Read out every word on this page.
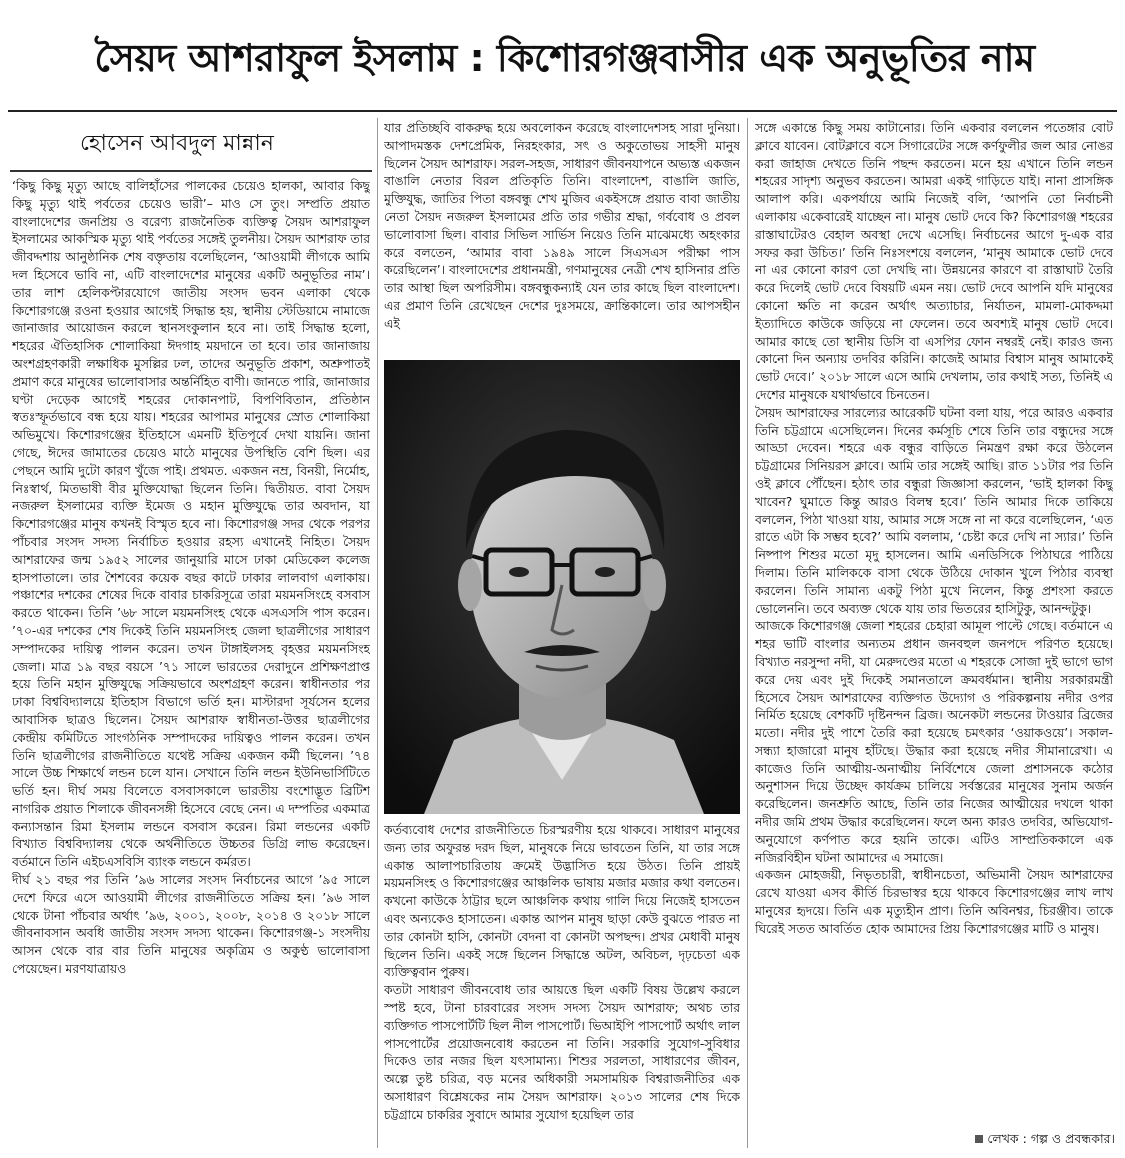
সৈয়দ আশরাফুল ইসলাম : কিশোরগঞ্জবাসীর এক অনুভূতির নাম
হোসেন আবদুল মান্নান

‘কিছু কিছু মৃত্যু আছে বালিহাঁসের পালকের চেয়েও হালকা, আবার কিছু কিছু মৃত্যু থাই পর্বতের চেয়েও ভারী’– মাও সে তুং। সম্প্রতি প্রয়াত বাংলাদেশের জনপ্রিয় ও বরেণ্য রাজনৈতিক ব্যক্তিত্ব সৈয়দ আশরাফুল ইসলামের আকস্মিক মৃত্যু থাই পর্বতের সঙ্গেই তুলনীয়। সৈয়দ আশরাফ তার জীবদ্দশায় আনুষ্ঠানিক শেষ বক্তৃতায় বলেছিলেন, ‘আওয়ামী লীগকে আমি দল হিসেবে ভাবি না, এটি বাংলাদেশের মানুষের একটি অনুভূতির নাম’। তার লাশ হেলিকপ্টারযোগে জাতীয় সংসদ ভবন এলাকা থেকে কিশোরগঞ্জে রওনা হওয়ার আগেই সিদ্ধান্ত হয়, স্থানীয় স্টেডিয়ামে নামাজে জানাজার আয়োজন করলে স্থানসংকুলান হবে না। তাই সিদ্ধান্ত হলো, শহরের ঐতিহাসিক শোলাকিয়া ঈদগাহ ময়দানে তা হবে। তার জানাজায় অংশগ্রহণকারী লক্ষাধিক মুসল্লির ঢল, তাদের অনুভূতি প্রকাশ, অশ্রুপাতই প্রমাণ করে মানুষের ভালোবাসার অন্তর্নিহিত বাণী। জানতে পারি, জানাজার ঘণ্টা দেড়েক আগেই শহরের দোকানপাট, বিপণিবিতান, প্রতিষ্ঠান স্বতঃস্ফূর্তভাবে বন্ধ হয়ে যায়। শহরের আপামর মানুষের স্রোত শোলাকিয়া অভিমুখে। কিশোরগঞ্জের ইতিহাসে এমনটি ইতিপূর্বে দেখা যায়নি। জানা গেছে, ঈদের জামাতের চেয়েও মাঠে মানুষের উপস্থিতি বেশি ছিল। এর পেছনে আমি দুটো কারণ খুঁজে পাই। প্রথমত. একজন নম্র, বিনয়ী, নির্মোহ, নিঃস্বার্থ, মিতভাষী বীর মুক্তিযোদ্ধা ছিলেন তিনি। দ্বিতীয়ত. বাবা সৈয়দ নজরুল ইসলামের ব্যক্তি ইমেজ ও মহান মুক্তিযুদ্ধে তার অবদান, যা কিশোরগঞ্জের মানুষ কখনই বিস্মৃত হবে না। কিশোরগঞ্জ সদর থেকে পরপর পাঁচবার সংসদ সদস্য নির্বাচিত হওয়ার রহস্য এখানেই নিহিত। সৈয়দ আশরাফের জন্ম ১৯৫২ সালের জানুয়ারি মাসে ঢাকা মেডিকেল কলেজ হাসপাতালে। তার শৈশবের কয়েক বছর কাটে ঢাকার লালবাগ এলাকায়। পঞ্চাশের দশকের শেষের দিকে বাবার চাকরিসূত্রে তারা ময়মনসিংহে বসবাস করতে থাকেন। তিনি ’৬৮ সালে ময়মনসিংহ থেকে এসএসসি পাস করেন। ’৭০-এর দশকের শেষ দিকেই তিনি ময়মনসিংহ জেলা ছাত্রলীগের সাধারণ সম্পাদকের দায়িত্ব পালন করেন। তখন টাঙ্গাইলসহ বৃহত্তর ময়মনসিংহ জেলা। মাত্র ১৯ বছর বয়সে ’৭১ সালে ভারতের দেরাদুনে প্রশিক্ষণপ্রাপ্ত হয়ে তিনি মহান মুক্তিযুদ্ধে সক্রিয়ভাবে অংশগ্রহণ করেন। স্বাধীনতার পর ঢাকা বিশ্ববিদ্যালয়ে ইতিহাস বিভাগে ভর্তি হন। মাস্টারদা সূর্যসেন হলের আবাসিক ছাত্রও ছিলেন। সৈয়দ আশরাফ স্বাধীনতা-উত্তর ছাত্রলীগের কেন্দ্রীয় কমিটিতে সাংগঠনিক সম্পাদকের দায়িত্বও পালন করেন। তখন তিনি ছাত্রলীগের রাজনীতিতে যথেষ্ট সক্রিয় একজন কর্মী ছিলেন। ’৭৪ সালে উচ্চ শিক্ষার্থে লন্ডন চলে যান। সেখানে তিনি লন্ডন ইউনিভার্সিটিতে ভর্তি হন। দীর্ঘ সময় বিলেতে বসবাসকালে ভারতীয় বংশোদ্ভূত ব্রিটিশ নাগরিক প্রয়াত শিলাকে জীবনসঙ্গী হিসেবে বেছে নেন। এ দম্পতির একমাত্র কন্যাসন্তান রিমা ইসলাম লন্ডনে বসবাস করেন। রিমা লন্ডনের একটি বিখ্যাত বিশ্ববিদ্যালয় থেকে অর্থনীতিতে উচ্চতর ডিগ্রি লাভ করেছেন। বর্তমানে তিনি এইচএসবিসি ব্যাংক লন্ডনে কর্মরত।

দীর্ঘ ২১ বছর পর তিনি ’৯৬ সালের সংসদ নির্বাচনের আগে ’৯৫ সালে দেশে ফিরে এসে আওয়ামী লীগের রাজনীতিতে সক্রিয় হন। ’৯৬ সাল থেকে টানা পাঁচবার অর্থাৎ ’৯৬, ২০০১, ২০০৮, ২০১৪ ও ২০১৮ সালে জীবনাবসান অবধি জাতীয় সংসদ সদস্য থাকেন। কিশোরগঞ্জ-১ সংসদীয় আসন থেকে বার বার তিনি মানুষের অকৃত্রিম ও অকুণ্ঠ ভালোবাসা পেয়েছেন। মরণযাত্রায়ও

যার প্রতিচ্ছবি বাকরুদ্ধ হয়ে অবলোকন করেছে বাংলাদেশসহ সারা দুনিয়া। আপাদমস্তক দেশপ্রেমিক, নিরহংকার, সৎ ও অকুতোভয় সাহসী মানুষ ছিলেন সৈয়দ আশরাফ। সরল-সহজ, সাধারণ জীবনযাপনে অভ্যস্ত একজন বাঙালি নেতার বিরল প্রতিকৃতি তিনি। বাংলাদেশ, বাঙালি জাতি, মুক্তিযুদ্ধ, জাতির পিতা বঙ্গবন্ধু শেখ মুজিব একইসঙ্গে প্রয়াত বাবা জাতীয় নেতা সৈয়দ নজরুল ইসলামের প্রতি তার গভীর শ্রদ্ধা, গর্ববোধ ও প্রবল ভালোবাসা ছিল। বাবার সিভিল সার্ভিস নিয়েও তিনি মাঝেমধ্যে অহংকার করে বলতেন, ‘আমার বাবা ১৯৪৯ সালে সিএসএস পরীক্ষা পাস করেছিলেন’। বাংলাদেশের প্রধানমন্ত্রী, গণমানুষের নেত্রী শেখ হাসিনার প্রতি তার আস্থা ছিল অপরিসীম। বঙ্গবন্ধুকন্যাই যেন তার কাছে ছিল বাংলাদেশ। এর প্রমাণ তিনি রেখেছেন দেশের দুঃসময়ে, ক্রান্তিকালে। তার আপসহীন এই

কর্তব্যবোধ দেশের রাজনীতিতে চিরস্মরণীয় হয়ে থাকবে। সাধারণ মানুষের জন্য তার অফুরন্ত দরদ ছিল, মানুষকে নিয়ে ভাবতেন তিনি, যা তার সঙ্গে একান্ত আলাপচারিতায় ক্রমেই উদ্ভাসিত হয়ে উঠত। তিনি প্রায়ই ময়মনসিংহ ও কিশোরগঞ্জের আঞ্চলিক ভাষায় মজার মজার কথা বলতেন। কখনো কাউকে ঠাট্টার ছলে আঞ্চলিক কথায় গালি দিয়ে নিজেই হাসতেন এবং অন্যকেও হাসাতেন। একান্ত আপন মানুষ ছাড়া কেউ বুঝতে পারত না তার কোনটা হাসি, কোনটা বেদনা বা কোনটা অপছন্দ। প্রখর মেধাবী মানুষ ছিলেন তিনি। একই সঙ্গে ছিলেন সিদ্ধান্তে অটল, অবিচল, দৃঢ়চেতা এক ব্যক্তিত্ববান পুরুষ।

কতটা সাধারণ জীবনবোধ তার আয়ত্তে ছিল একটি বিষয় উল্লেখ করলে স্পষ্ট হবে, টানা চারবারের সংসদ সদস্য সৈয়দ আশরাফ; অথচ তার ব্যক্তিগত পাসপোর্টটি ছিল নীল পাসপোর্ট। ভিআইপি পাসপোর্ট অর্থাৎ লাল পাসপোর্টের প্রয়োজনবোধ করতেন না তিনি। সরকারি সুযোগ-সুবিধার দিকেও তার নজর ছিল যৎসামান্য। শিশুর সরলতা, সাধারণের জীবন, অল্পে তুষ্ট চরিত্র, বড় মনের অধিকারী সমসাময়িক বিশ্বরাজনীতির এক অসাধারণ বিশ্লেষকের নাম সৈয়দ আশরাফ। ২০১৩ সালের শেষ দিকে চট্টগ্রামে চাকরির সুবাদে আমার সুযোগ হয়েছিল তার

সঙ্গে একান্তে কিছু সময় কাটানোর। তিনি একবার বললেন পতেঙ্গার বোট ক্লাবে যাবেন। বোটক্লাবে বসে সিগারেটের সঙ্গে কর্ণফুলীর জল আর নোঙর করা জাহাজ দেখতে তিনি পছন্দ করতেন। মনে হয় এখানে তিনি লন্ডন শহরের সাদৃশ্য অনুভব করতেন। আমরা একই গাড়িতে যাই। নানা প্রাসঙ্গিক আলাপ করি। একপর্যায়ে আমি নিজেই বলি, ‘আপনি তো নির্বাচনী এলাকায় একেবারেই যাচ্ছেন না। মানুষ ভোট দেবে কি? কিশোরগঞ্জ শহরের রাস্তাঘাটেরও বেহাল অবস্থা দেখে এসেছি। নির্বাচনের আগে দু-এক বার সফর করা উচিত।’ তিনি নিঃসংশয়ে বললেন, ‘মানুষ আমাকে ভোট দেবে না এর কোনো কারণ তো দেখছি না। উন্নয়নের কারণে বা রাস্তাঘাট তৈরি করে দিলেই ভোট দেবে বিষয়টি এমন নয়। ভোট দেবে আপনি যদি মানুষের কোনো ক্ষতি না করেন অর্থাৎ অত্যাচার, নির্যাতন, মামলা-মোকদ্দমা ইত্যাদিতে কাউকে জড়িয়ে না ফেলেন। তবে অবশ্যই মানুষ ভোট দেবে। আমার কাছে তো স্থানীয় ডিসি বা এসপির ফোন নম্বরই নেই। কারও জন্য কোনো দিন অন্যায় তদবির করিনি। কাজেই আমার বিশ্বাস মানুষ আমাকেই ভোট দেবে।’ ২০১৮ সালে এসে আমি দেখলাম, তার কথাই সত্য, তিনিই এ দেশের মানুষকে যথার্থভাবে চিনতেন।

সৈয়দ আশরাফের সারল্যের আরেকটি ঘটনা বলা যায়, পরে আরও একবার তিনি চট্টগ্রামে এসেছিলেন। দিনের কর্মসূচি শেষে তিনি তার বন্ধুদের সঙ্গে আড্ডা দেবেন। শহরে এক বন্ধুর বাড়িতে নিমন্ত্রণ রক্ষা করে উঠলেন চট্টগ্রামের সিনিয়রস ক্লাবে। আমি তার সঙ্গেই আছি। রাত ১১টার পর তিনি ওই ক্লাবে পৌঁছেন। হঠাৎ তার বন্ধুরা জিজ্ঞাসা করলেন, ‘ভাই হালকা কিছু খাবেন? ঘুমাতে কিন্তু আরও বিলম্ব হবে।’ তিনি আমার দিকে তাকিয়ে বললেন, পিঠা খাওয়া যায়, আমার সঙ্গে সঙ্গে না না করে বলেছিলেন, ‘এত রাতে এটা কি সম্ভব হবে?’ আমি বললাম, ‘চেষ্টা করে দেখি না স্যার।’ তিনি নিষ্পাপ শিশুর মতো মৃদু হাসলেন। আমি এনডিসিকে পিঠাঘরে পাঠিয়ে দিলাম। তিনি মালিককে বাসা থেকে উঠিয়ে দোকান খুলে পিঠার ব্যবস্থা করলেন। তিনি সামান্য একটু পিঠা মুখে নিলেন, কিন্তু প্রশংসা করতে ভোলেননি। তবে অব্যক্ত থেকে যায় তার ভিতরের হাসিটুকু, আনন্দটুকু।

আজকে কিশোরগঞ্জ জেলা শহরের চেহারা আমূল পাল্টে গেছে। বর্তমানে এ শহর ভাটি বাংলার অন্যতম প্রধান জনবহুল জনপদে পরিণত হয়েছে। বিখ্যাত নরসুন্দা নদী, যা মেরুদণ্ডের মতো এ শহরকে সোজা দুই ভাগে ভাগ করে দেয় এবং দুই দিকেই সমানতালে ক্রমবর্ধমান। স্থানীয় সরকারমন্ত্রী হিসেবে সৈয়দ আশরাফের ব্যক্তিগত উদ্যোগ ও পরিকল্পনায় নদীর ওপর নির্মিত হয়েছে বেশকটি দৃষ্টিনন্দন ব্রিজ। অনেকটা লন্ডনের টাওয়ার ব্রিজের মতো। নদীর দুই পাশে তৈরি করা হয়েছে চমৎকার ‘ওয়াকওয়ে’। সকাল-সন্ধ্যা হাজারো মানুষ হাঁটছে। উদ্ধার করা হয়েছে নদীর সীমানারেখা। এ কাজেও তিনি আত্মীয়-অনাত্মীয় নির্বিশেষে জেলা প্রশাসনকে কঠোর অনুশাসন দিয়ে উচ্ছেদ কার্যক্রম চালিয়ে সর্বস্তরের মানুষের সুনাম অর্জন করেছিলেন। জনশ্রুতি আছে, তিনি তার নিজের আত্মীয়ের দখলে থাকা নদীর জমি প্রথম উদ্ধার করেছিলেন। ফলে অন্য কারও তদবির, অভিযোগ-অনুযোগে কর্ণপাত করে হয়নি তাকে। এটিও সাম্প্রতিককালে এক নজিরবিহীন ঘটনা আমাদের এ সমাজে।

একজন মোহজয়ী, নিভৃতচারী, স্বাধীনচেতা, অভিমানী সৈয়দ আশরাফের রেখে যাওয়া এসব কীর্তি চিরভাস্বর হয়ে থাকবে কিশোরগঞ্জের লাখ লাখ মানুষের হৃদয়ে। তিনি এক মৃত্যুহীন প্রাণ। তিনি অবিনশ্বর, চিরঞ্জীব। তাকে ঘিরেই সতত আবর্তিত হোক আমাদের প্রিয় কিশোরগঞ্জের মাটি ও মানুষ।

লেখক : গল্প ও প্রবন্ধকার।
